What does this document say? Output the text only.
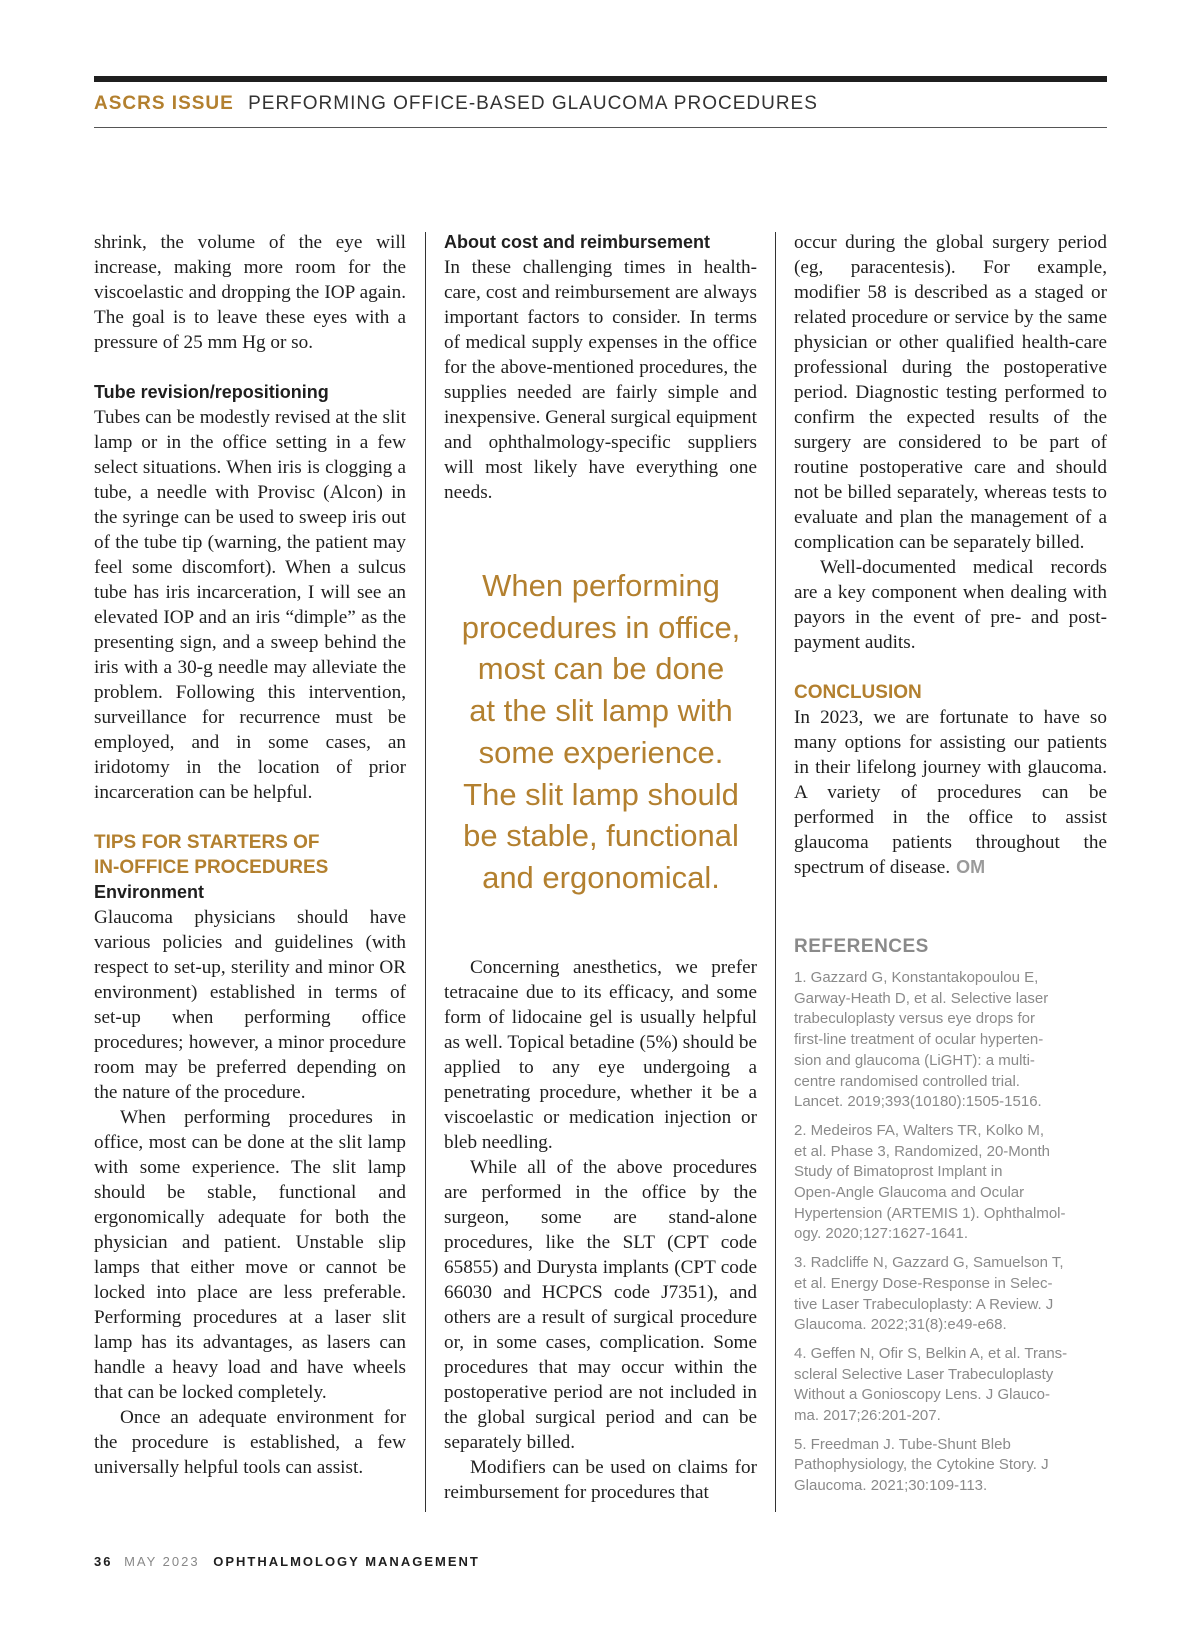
ASCRS ISSUE PERFORMING OFFICE-BASED GLAUCOMA PROCEDURES

shrink, the volume of the eye will increase, making more room for the viscoelastic and dropping the IOP again. The goal is to leave these eyes with a pressure of 25 mm Hg or so.

Tube revision/repositioning

Tubes can be modestly revised at the slit lamp or in the office setting in a few select situations. When iris is clogging a tube, a needle with Provisc (Alcon) in the syringe can be used to sweep iris out of the tube tip (warning, the patient may feel some discomfort). When a sulcus tube has iris incarceration, I will see an elevated IOP and an iris “dimple” as the presenting sign, and a sweep behind the iris with a 30-g needle may alleviate the problem. Following this intervention, surveillance for recurrence must be employed, and in some cases, an iridotomy in the location of prior incarceration can be helpful.

TIPS FOR STARTERS OF
IN-OFFICE PROCEDURES
Environment

Glaucoma physicians should have various policies and guidelines (with respect to set-up, sterility and minor OR environment) established in terms of set-up when performing office procedures; however, a minor procedure room may be preferred depending on the nature of the procedure.

When performing procedures in office, most can be done at the slit lamp with some experience. The slit lamp should be stable, functional and ergonomically adequate for both the physician and patient. Unstable slip lamps that either move or cannot be locked into place are less preferable. Performing procedures at a laser slit lamp has its advantages, as lasers can handle a heavy load and have wheels that can be locked completely.

Once an adequate environment for the procedure is established, a few universally helpful tools can assist.

About cost and reimbursement

In these challenging times in health-care, cost and reimbursement are always important factors to consider. In terms of medical supply expenses in the office for the above-mentioned procedures, the supplies needed are fairly simple and inexpensive. General surgical equipment and ophthalmology-specific suppliers will most likely have everything one needs.

When performing
procedures in office,
most can be done
at the slit lamp with
some experience.
The slit lamp should
be stable, functional
and ergonomical.

Concerning anesthetics, we prefer tetracaine due to its efficacy, and some form of lidocaine gel is usually helpful as well. Topical betadine (5%) should be applied to any eye undergoing a penetrating procedure, whether it be a viscoelastic or medication injection or bleb needling.

While all of the above procedures are performed in the office by the surgeon, some are stand-alone procedures, like the SLT (CPT code 65855) and Durysta implants (CPT code 66030 and HCPCS code J7351), and others are a result of surgical procedure or, in some cases, complication. Some procedures that may occur within the postoperative period are not included in the global surgical period and can be separately billed.

Modifiers can be used on claims for reimbursement for procedures that

occur during the global surgery period (eg, paracentesis). For example, modifier 58 is described as a staged or related procedure or service by the same physician or other qualified health-care professional during the postoperative period. Diagnostic testing performed to confirm the expected results of the surgery are considered to be part of routine postoperative care and should not be billed separately, whereas tests to evaluate and plan the management of a complication can be separately billed.

Well-documented medical records are a key component when dealing with payors in the event of pre- and post-payment audits.

CONCLUSION

In 2023, we are fortunate to have so many options for assisting our patients in their lifelong journey with glaucoma. A variety of procedures can be performed in the office to assist glaucoma patients throughout the spectrum of disease. OM

REFERENCES
1. Gazzard G, Konstantakopoulou E,
Garway-Heath D, et al. Selective laser
trabeculoplasty versus eye drops for
first-line treatment of ocular hyperten-
sion and glaucoma (LiGHT): a multi-
centre randomised controlled trial.
Lancet. 2019;393(10180):1505-1516.
2. Medeiros FA, Walters TR, Kolko M,
et al. Phase 3, Randomized, 20-Month
Study of Bimatoprost Implant in
Open-Angle Glaucoma and Ocular
Hypertension (ARTEMIS 1). Ophthalmol-
ogy. 2020;127:1627-1641.
3. Radcliffe N, Gazzard G, Samuelson T,
et al. Energy Dose-Response in Selec-
tive Laser Trabeculoplasty: A Review. J
Glaucoma. 2022;31(8):e49-e68.
4. Geffen N, Ofir S, Belkin A, et al. Trans-
scleral Selective Laser Trabeculoplasty
Without a Gonioscopy Lens. J Glauco-
ma. 2017;26:201-207.
5. Freedman J. Tube-Shunt Bleb
Pathophysiology, the Cytokine Story. J
Glaucoma. 2021;30:109-113.
36 MAY 2023 OPHTHALMOLOGY MANAGEMENT
